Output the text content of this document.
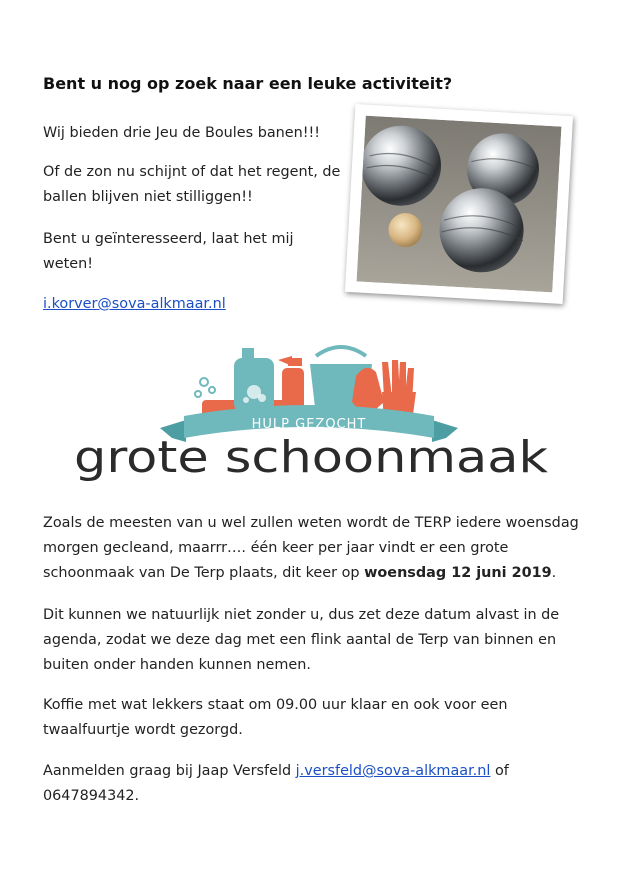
Bent u nog op zoek naar een leuke activiteit?
Wij bieden drie Jeu de Boules banen!!!
Of de zon nu schijnt of dat het regent, de
ballen blijven niet stilliggen!!
Bent u geïnteresseerd, laat het mij
weten!
i.korver@sova-alkmaar.nl
HULP GEZOCHT
grote schoonmaak
Zoals de meesten van u wel zullen weten wordt de TERP iedere woensdag
morgen gecleand, maarrr…. één keer per jaar vindt er een grote
schoonmaak van De Terp plaats, dit keer op woensdag 12 juni 2019.
Dit kunnen we natuurlijk niet zonder u, dus zet deze datum alvast in de
agenda, zodat we deze dag met een flink aantal de Terp van binnen en
buiten onder handen kunnen nemen.
Koffie met wat lekkers staat om 09.00 uur klaar en ook voor een
twaalfuurtje wordt gezorgd.
Aanmelden graag bij Jaap Versfeld j.versfeld@sova-alkmaar.nl of
0647894342.
